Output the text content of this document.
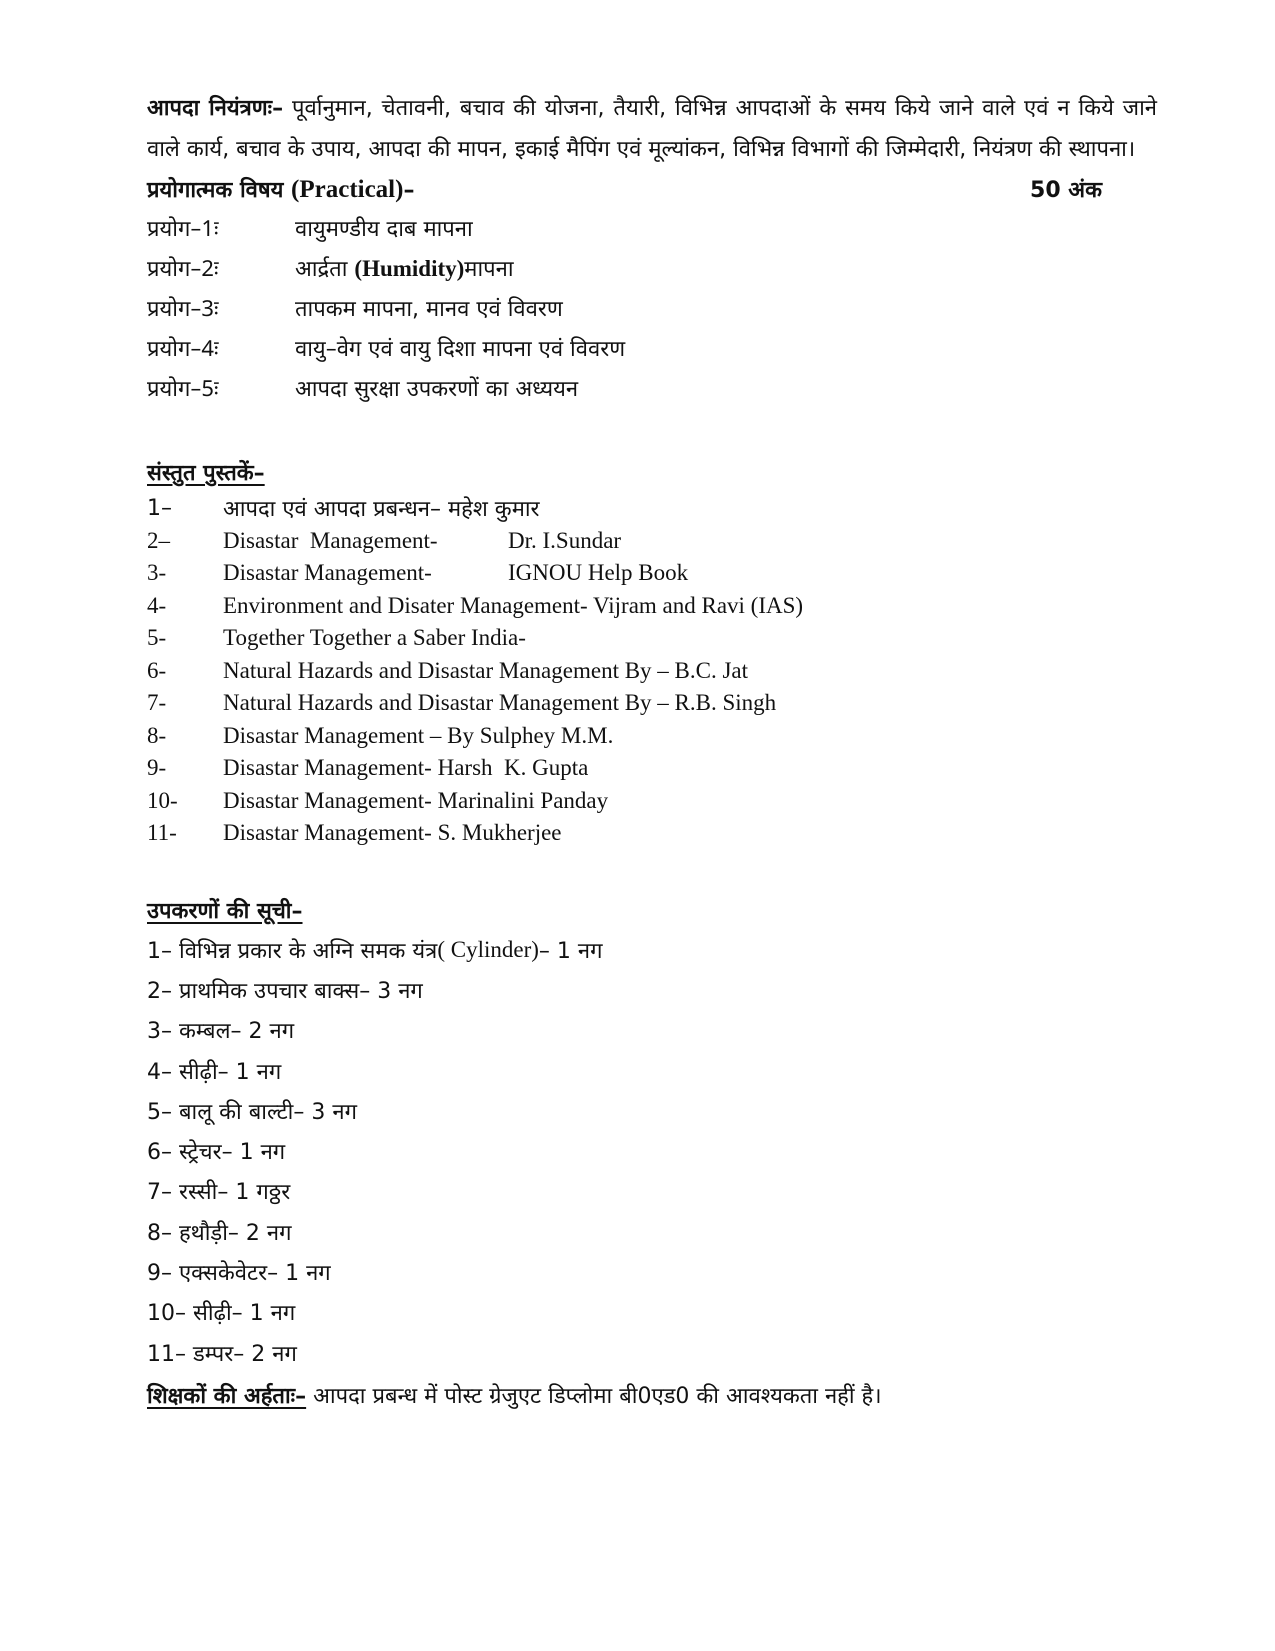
आपदा नियंत्रणः– पूर्वानुमान, चेतावनी, बचाव की योजना, तैयारी, विभिन्न आपदाओं के समय किये जाने वाले एवं न किये जाने वाले कार्य, बचाव के उपाय, आपदा की मापन, इकाई मैपिंग एवं मूल्यांकन, विभिन्न विभागों की जिम्मेदारी, नियंत्रण की स्थापना।

प्रयोगात्मक विषय (Practical)–	50 अंक
प्रयोग–1ः	वायुमण्डीय दाब मापना
प्रयोग–2ः	आर्द्रता (Humidity)मापना
प्रयोग–3ः	तापकम मापना, मानव एवं विवरण
प्रयोग–4ः	वायु–वेग एवं वायु दिशा मापना एवं विवरण
प्रयोग–5ः	आपदा सुरक्षा उपकरणों का अध्ययन
संस्तुत पुस्तकें–
1–	आपदा एवं आपदा प्रबन्धन– महेश कुमार
2–	Disastar  Management-	Dr. I.Sundar
3-	Disastar Management-	IGNOU Help Book
4-	Environment and Disater Management- Vijram and Ravi (IAS)
5-	Together Together a Saber India-
6-	Natural Hazards and Disastar Management By – B.C. Jat
7-	Natural Hazards and Disastar Management By – R.B. Singh
8-	Disastar Management – By Sulphey M.M.
9-	Disastar Management- Harsh  K. Gupta
10-	Disastar Management- Marinalini Panday
11-	Disastar Management- S. Mukherjee
उपकरणों की सूची–
1– विभिन्न प्रकार के अग्नि समक यंत्र ( Cylinder) – 1 नग
2– प्राथमिक उपचार बाक्स– 3 नग
3– कम्बल– 2 नग
4– सीढ़ी– 1 नग
5– बालू की बाल्टी– 3 नग
6– स्ट्रेचर– 1 नग
7– रस्सी– 1 गठ्ठर
8– हथौड़ी– 2 नग
9– एक्सकेवेटर– 1 नग
10– सीढ़ी– 1 नग
11– डम्पर– 2 नग
शिक्षकों की अर्हताः– आपदा प्रबन्ध में पोस्ट ग्रेजुएट डिप्लोमा बी0एड0 की आवश्यकता नहीं है।
